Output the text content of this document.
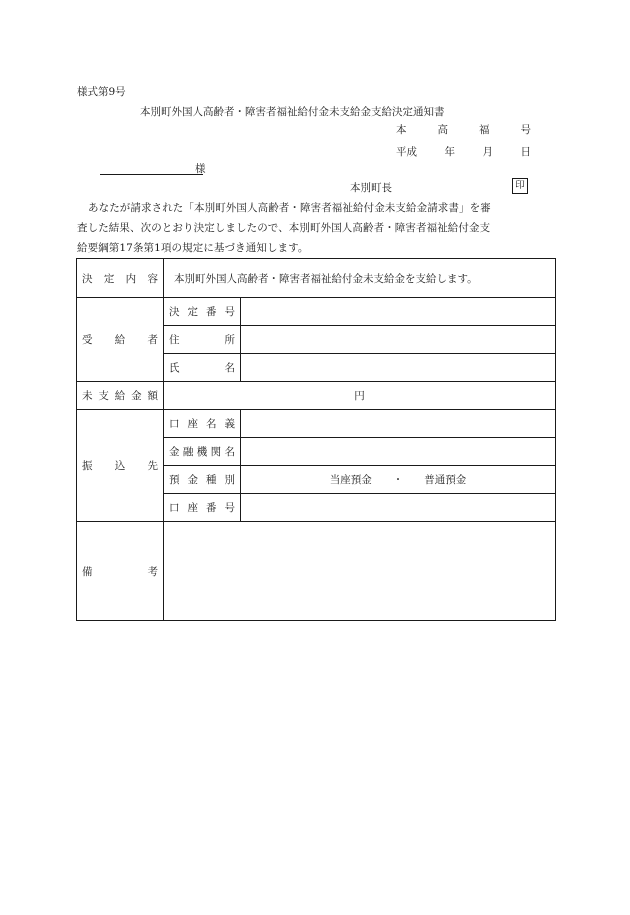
様式第9号
本別町外国人高齢者・障害者福祉給付金未支給金支給決定通知書
本	高	福	号
平成	年	月	日
様
本別町長	印

あなたが請求された「本別町外国人高齢者・障害者福祉給付金未支給金請求書」を審

査した結果、次のとおり決定しましたので、本別町外国人高齢者・障害者福祉給付金支

給要綱第17条第1項の規定に基づき通知します。

決定内容	本別町外国人高齢者・障害者福祉給付金未支給金を支給します。	
受給者	決定番号	
	住所	
	氏名	
未支給金額	円	
振込先	口座名義	
	金融機関名	
	預金種別	当座預金　　・　　普通預金
	口座番号	
備考		
